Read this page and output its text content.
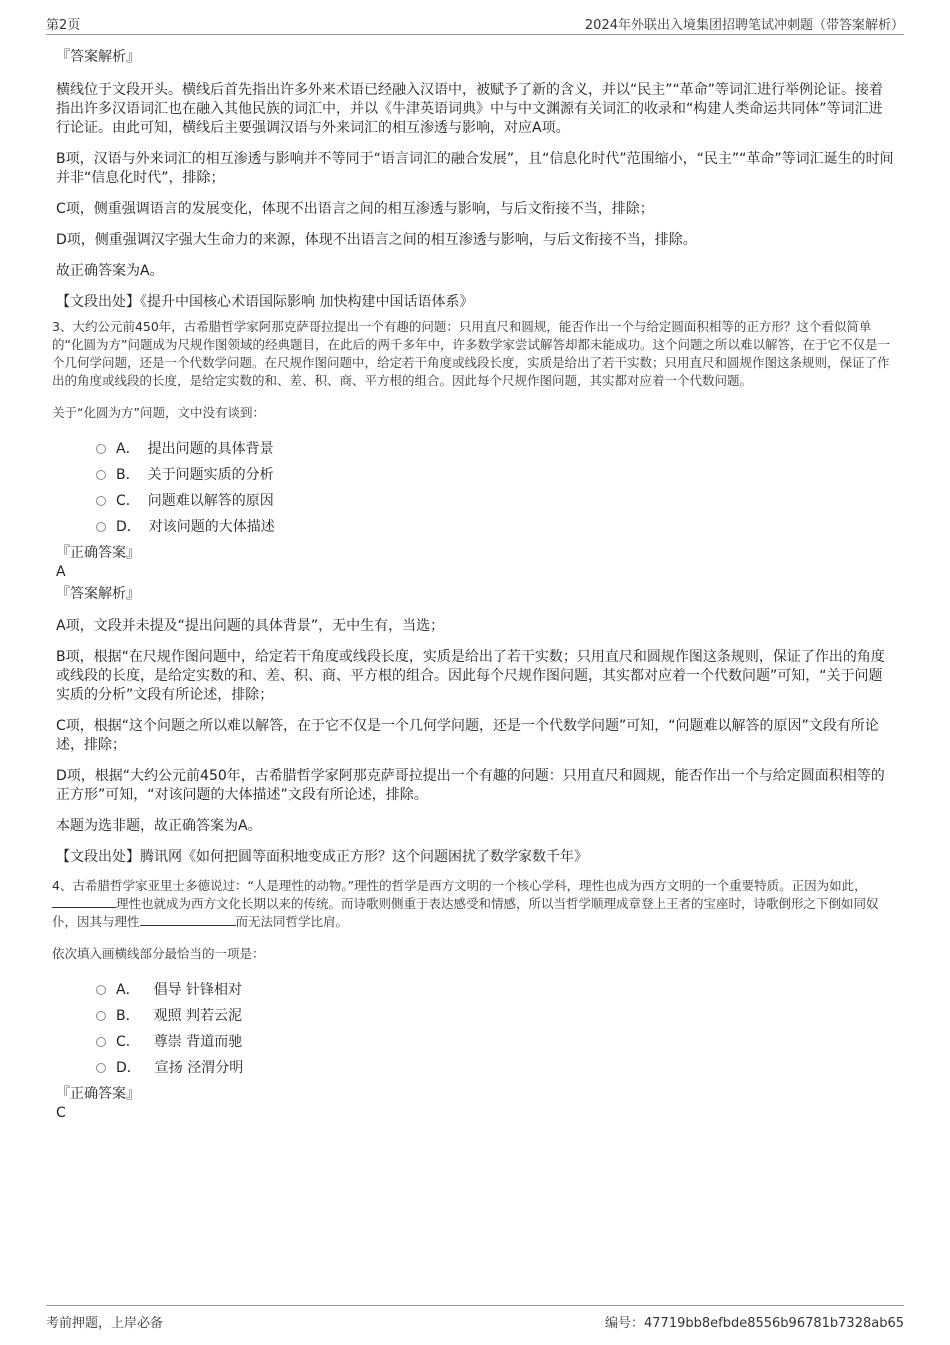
第2页	2024年外联出入境集团招聘笔试冲刺题（带答案解析）

『答案解析』

横线位于文段开头。横线后首先指出许多外来术语已经融入汉语中，被赋予了新的含义，并以“民主”“革命”等词汇进行举例论证。接着指出许多汉语词汇也在融入其他民族的词汇中，并以《牛津英语词典》中与中文渊源有关词汇的收录和“构建人类命运共同体”等词汇进行论证。由此可知，横线后主要强调汉语与外来词汇的相互渗透与影响，对应A项。

B项，汉语与外来词汇的相互渗透与影响并不等同于“语言词汇的融合发展”，且“信息化时代”范围缩小，“民主”“革命”等词汇诞生的时间并非“信息化时代”，排除；

C项，侧重强调语言的发展变化，体现不出语言之间的相互渗透与影响，与后文衔接不当，排除；

D项，侧重强调汉字强大生命力的来源，体现不出语言之间的相互渗透与影响，与后文衔接不当，排除。

故正确答案为A。

【文段出处】《提升中国核心术语国际影响 加快构建中国话语体系》

3、大约公元前450年，古希腊哲学家阿那克萨哥拉提出一个有趣的问题：只用直尺和圆规，能否作出一个与给定圆面积相等的正方形？这个看似简单的“化圆为方”问题成为尺规作图领域的经典题目，在此后的两千多年中，许多数学家尝试解答却都未能成功。这个问题之所以难以解答，在于它不仅是一个几何学问题，还是一个代数学问题。在尺规作图问题中，给定若干角度或线段长度，实质是给出了若干实数；只用直尺和圆规作图这条规则，保证了作出的角度或线段的长度，是给定实数的和、差、积、商、平方根的组合。因此每个尺规作图问题，其实都对应着一个代数问题。

关于“化圆为方”问题，文中没有谈到：

A． 提出问题的具体背景
B． 关于问题实质的分析
C． 问题难以解答的原因
D． 对该问题的大体描述

『正确答案』

A

『答案解析』

A项，文段并未提及“提出问题的具体背景”，无中生有，当选；

B项，根据“在尺规作图问题中，给定若干角度或线段长度，实质是给出了若干实数；只用直尺和圆规作图这条规则，保证了作出的角度或线段的长度，是给定实数的和、差、积、商、平方根的组合。因此每个尺规作图问题，其实都对应着一个代数问题”可知，“关于问题实质的分析”文段有所论述，排除；

C项，根据“这个问题之所以难以解答，在于它不仅是一个几何学问题，还是一个代数学问题”可知，“问题难以解答的原因”文段有所论述，排除；

D项，根据“大约公元前450年，古希腊哲学家阿那克萨哥拉提出一个有趣的问题：只用直尺和圆规，能否作出一个与给定圆面积相等的正方形”可知，“对该问题的大体描述”文段有所论述，排除。

本题为选非题，故正确答案为A。

【文段出处】腾讯网《如何把圆等面积地变成正方形？这个问题困扰了数学家数千年》

4、古希腊哲学家亚里士多德说过：“人是理性的动物。”理性的哲学是西方文明的一个核心学科，理性也成为西方文明的一个重要特质。正因为如此，理性也就成为西方文化长期以来的传统。而诗歌则侧重于表达感受和情感，所以当哲学顺理成章登上王者的宝座时，诗歌倒形之下倒如同奴仆，因其与理性	而无法同哲学比肩。

依次填入画横线部分最恰当的一项是：

A． 倡导 针锋相对
B． 观照 判若云泥
C． 尊崇 背道而驰
D． 宣扬 泾渭分明

『正确答案』

C

考前押题，上岸必备	编号：47719bb8efbde8556b96781b7328ab65
